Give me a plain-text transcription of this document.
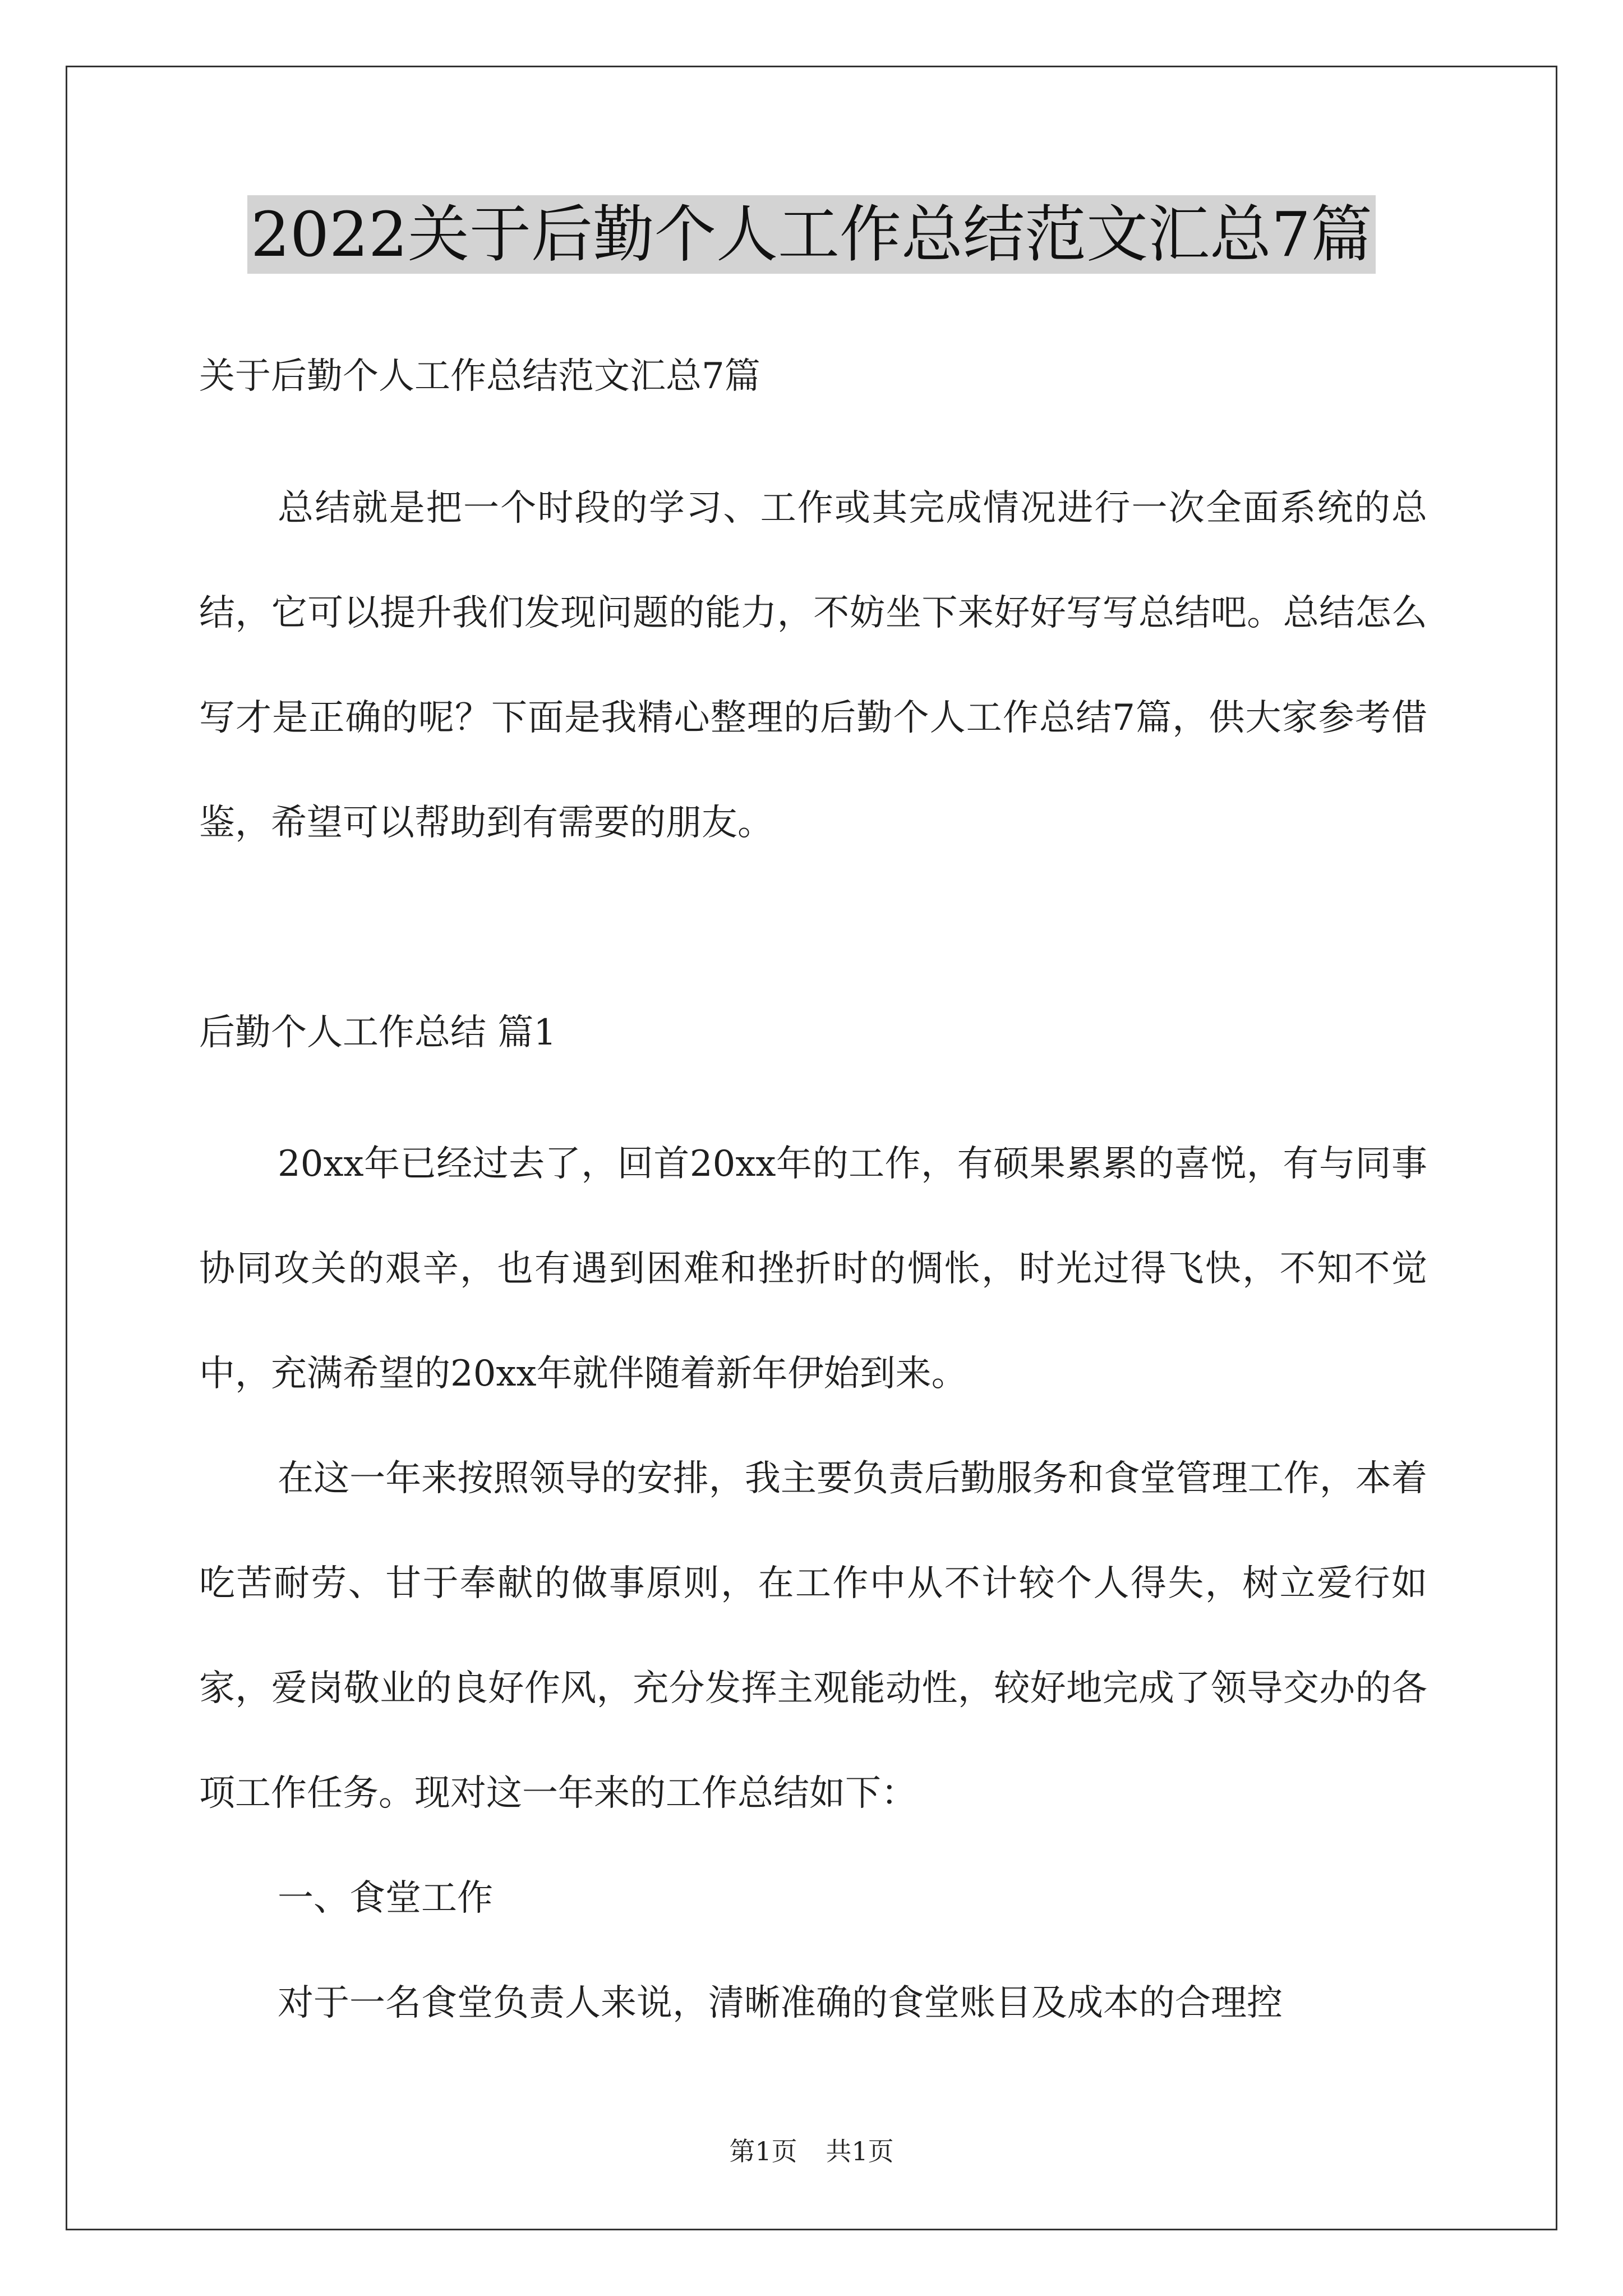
2022关于后勤个人工作总结范文汇总7篇
关于后勤个人工作总结范文汇总7篇
总结就是把一个时段的学习、工作或其完成情况进行一次全面系统的总结，它可以提升我们发现问题的能力，不妨坐下来好好写写总结吧。总结怎么写才是正确的呢？下面是我精心整理的后勤个人工作总结7篇，供大家参考借鉴，希望可以帮助到有需要的朋友。
后勤个人工作总结 篇1

20xx年已经过去了，回首20xx年的工作，有硕果累累的喜悦，有与同事协同攻关的艰辛，也有遇到困难和挫折时的惆怅，时光过得飞快，不知不觉中，充满希望的20xx年就伴随着新年伊始到来。

在这一年来按照领导的安排，我主要负责后勤服务和食堂管理工作，本着吃苦耐劳、甘于奉献的做事原则，在工作中从不计较个人得失，树立爱行如家，爱岗敬业的良好作风，充分发挥主观能动性，较好地完成了领导交办的各项工作任务。现对这一年来的工作总结如下：

一、食堂工作

对于一名食堂负责人来说，清晰准确的食堂账目及成本的合理控

第1页 共1页
